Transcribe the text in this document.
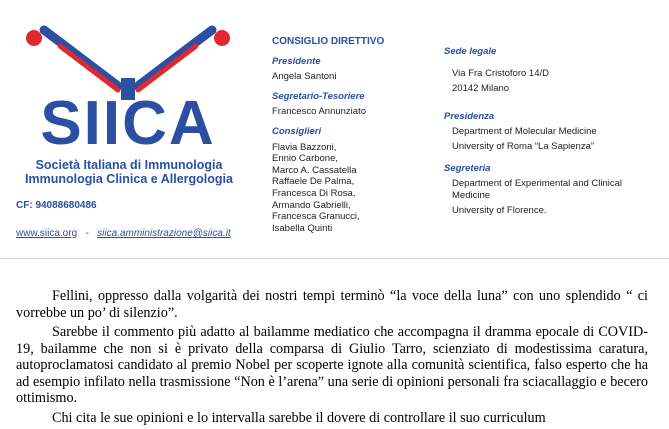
SIICA
Società Italiana di Immunologia
Immunologia Clinica e Allergologia
CF: 94088680486
www.siica.org - siica.amministrazione@siica.it
CONSIGLIO DIRETTIVO
Presidente
Angela Santoni
Segretario-Tesoriere
Francesco Annunziato
Consiglieri
Flavia Bazzoni,
Ennio Carbone,
Marco A. Cassatella
Raffaele De Palma,
Francesca Di Rosa,
Armando Gabrielli,
Francesca Granucci,
Isabella Quinti
Sede legale
Via Fra Cristoforo 14/D
20142 Milano
Presidenza
Department of Molecular Medicine
University of Roma “La Sapienza”
Segreteria
Department of Experimental and Clinical
Medicine
University of Florence.

Fellini, oppresso dalla volgarità dei nostri tempi terminò “la voce della luna” con uno splendido “ ci vorrebbe un po’ di silenzio”.

Sarebbe il commento più adatto al bailamme mediatico che accompagna il dramma epocale di COVID-19, bailamme che non si è privato della comparsa di Giulio Tarro, scienziato di modestissima caratura, autoproclamatosi candidato al premio Nobel per scoperte ignote alla comunità scientifica, falso esperto che ha ad esempio infilato nella trasmissione “Non è l’arena” una serie di opinioni personali fra sciacallaggio e becero ottimismo.

Chi cita le sue opinioni e lo intervalla sarebbe il dovere di controllare il suo curriculum
